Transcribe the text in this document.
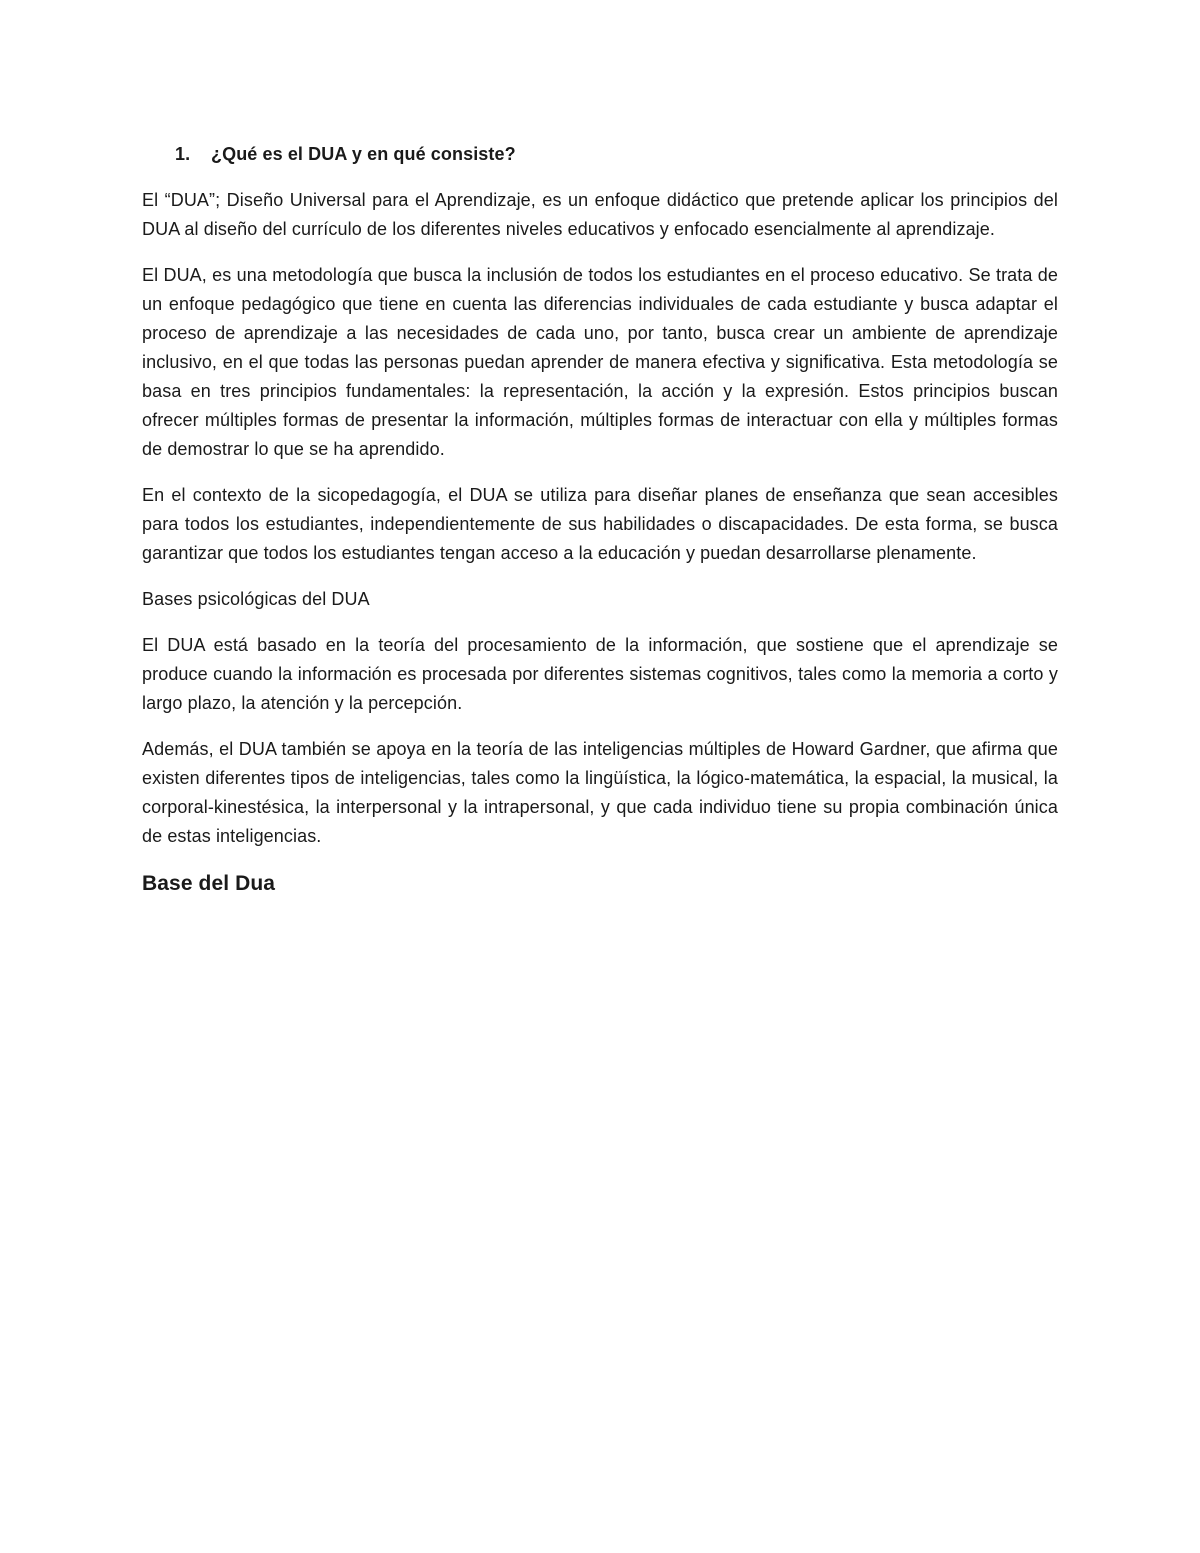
1.	¿Qué es el DUA y en qué consiste?

El “DUA”; Diseño Universal para el Aprendizaje, es un enfoque didáctico que pretende aplicar los principios del DUA al diseño del currículo de los diferentes niveles educativos y enfocado esencialmente al aprendizaje.

El DUA, es una metodología que busca la inclusión de todos los estudiantes en el proceso educativo. Se trata de un enfoque pedagógico que tiene en cuenta las diferencias individuales de cada estudiante y busca adaptar el proceso de aprendizaje a las necesidades de cada uno, por tanto, busca crear un ambiente de aprendizaje inclusivo, en el que todas las personas puedan aprender de manera efectiva y significativa. Esta metodología se basa en tres principios fundamentales: la representación, la acción y la expresión. Estos principios buscan ofrecer múltiples formas de presentar la información, múltiples formas de interactuar con ella y múltiples formas de demostrar lo que se ha aprendido.

En el contexto de la sicopedagogía, el DUA se utiliza para diseñar planes de enseñanza que sean accesibles para todos los estudiantes, independientemente de sus habilidades o discapacidades. De esta forma, se busca garantizar que todos los estudiantes tengan acceso a la educación y puedan desarrollarse plenamente.

Bases psicológicas del DUA

El DUA está basado en la teoría del procesamiento de la información, que sostiene que el aprendizaje se produce cuando la información es procesada por diferentes sistemas cognitivos, tales como la memoria a corto y largo plazo, la atención y la percepción.

Además, el DUA también se apoya en la teoría de las inteligencias múltiples de Howard Gardner, que afirma que existen diferentes tipos de inteligencias, tales como la lingüística, la lógico-matemática, la espacial, la musical, la corporal-kinestésica, la interpersonal y la intrapersonal, y que cada individuo tiene su propia combinación única de estas inteligencias.

Base del Dua
